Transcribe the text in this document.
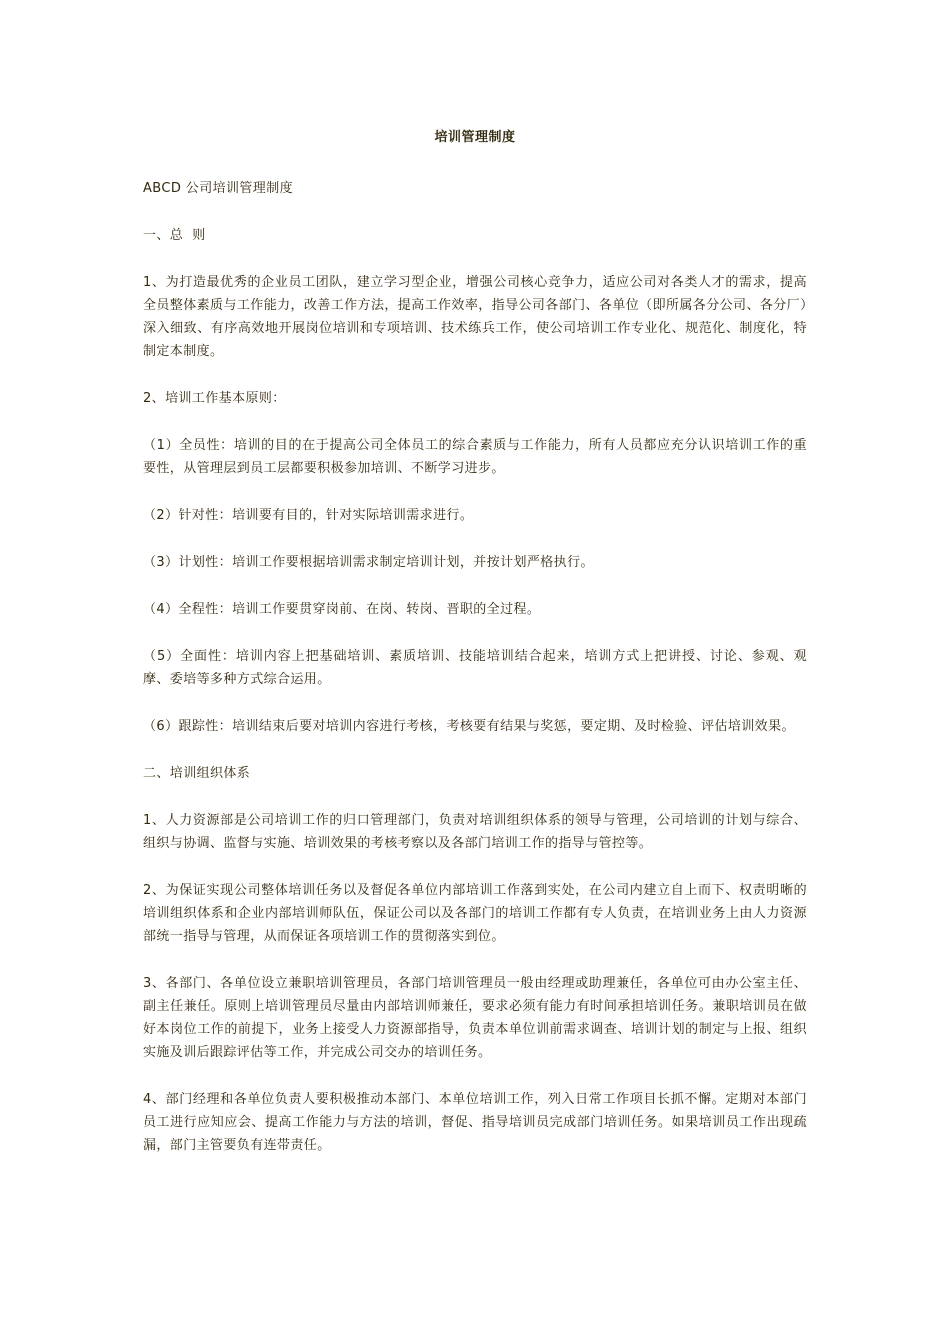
培训管理制度
ABCD 公司培训管理制度
一、总  则
1、为打造最优秀的企业员工团队，建立学习型企业，增强公司核心竞争力，适应公司对各类人才的需求，提高全员整体素质与工作能力，改善工作方法，提高工作效率，指导公司各部门、各单位（即所属各分公司、各分厂）深入细致、有序高效地开展岗位培训和专项培训、技术练兵工作，使公司培训工作专业化、规范化、制度化，特制定本制度。
2、培训工作基本原则：
（1）全员性：培训的目的在于提高公司全体员工的综合素质与工作能力，所有人员都应充分认识培训工作的重要性，从管理层到员工层都要积极参加培训、不断学习进步。
（2）针对性：培训要有目的，针对实际培训需求进行。
（3）计划性：培训工作要根据培训需求制定培训计划，并按计划严格执行。
（4）全程性：培训工作要贯穿岗前、在岗、转岗、晋职的全过程。
（5）全面性：培训内容上把基础培训、素质培训、技能培训结合起来，培训方式上把讲授、讨论、参观、观摩、委培等多种方式综合运用。
（6）跟踪性：培训结束后要对培训内容进行考核，考核要有结果与奖惩，要定期、及时检验、评估培训效果。
二、培训组织体系
1、人力资源部是公司培训工作的归口管理部门，负责对培训组织体系的领导与管理，公司培训的计划与综合、组织与协调、监督与实施、培训效果的考核考察以及各部门培训工作的指导与管控等。
2、为保证实现公司整体培训任务以及督促各单位内部培训工作落到实处，在公司内建立自上而下、权责明晰的培训组织体系和企业内部培训师队伍，保证公司以及各部门的培训工作都有专人负责，在培训业务上由人力资源部统一指导与管理，从而保证各项培训工作的贯彻落实到位。
3、各部门、各单位设立兼职培训管理员，各部门培训管理员一般由经理或助理兼任，各单位可由办公室主任、副主任兼任。原则上培训管理员尽量由内部培训师兼任，要求必须有能力有时间承担培训任务。兼职培训员在做好本岗位工作的前提下，业务上接受人力资源部指导，负责本单位训前需求调查、培训计划的制定与上报、组织实施及训后跟踪评估等工作，并完成公司交办的培训任务。
4、部门经理和各单位负责人要积极推动本部门、本单位培训工作，列入日常工作项目长抓不懈。定期对本部门员工进行应知应会、提高工作能力与方法的培训，督促、指导培训员完成部门培训任务。如果培训员工作出现疏漏，部门主管要负有连带责任。
